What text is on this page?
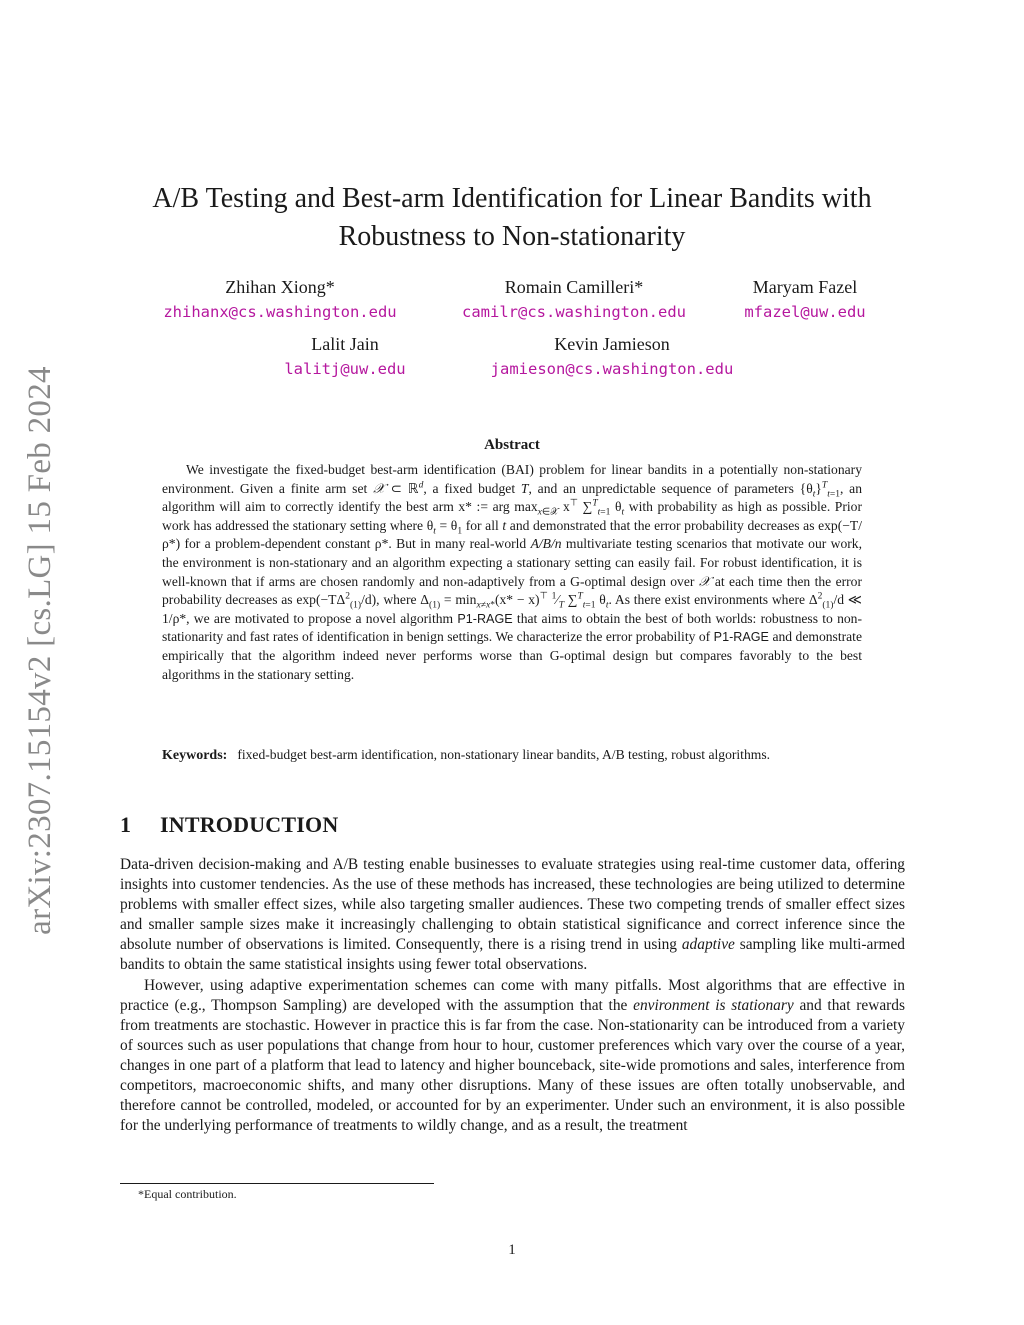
arXiv:2307.15154v2 [cs.LG] 15 Feb 2024
A/B Testing and Best-arm Identification for Linear Bandits with
Robustness to Non-stationarity
Zhihan Xiong*
zhihanx@cs.washington.edu
Romain Camilleri*
camilr@cs.washington.edu
Maryam Fazel
mfazel@uw.edu
Lalit Jain
lalitj@uw.edu
Kevin Jamieson
jamieson@cs.washington.edu
Abstract
We investigate the fixed-budget best-arm identification (BAI) problem for linear bandits in a potentially non-stationary environment. Given a finite arm set 𝒳 ⊂ ℝ$^d$, a fixed budget T, and an unpredictable sequence of parameters $\{\theta_t\}^T_{t=1}$, an algorithm will aim to correctly identify the best arm x* := arg $\max_{x\in 𝒳} x^⊤$ ∑$^T_{t=1}$ $\theta_t$ with probability as high as possible. Prior work has addressed the stationary setting where $\theta_t = \theta_1$ for all t and demonstrated that the error probability decreases as exp(−T/ρ*) for a problem-dependent constant ρ*. But in many real-world A/B/n multivariate testing scenarios that motivate our work, the environment is non-stationary and an algorithm expecting a stationary setting can easily fail. For robust identification, it is well-known that if arms are chosen randomly and non-adaptively from a G-optimal design over 𝒳 at each time then the error probability decreases as $\exp(-T\Delta^2_{(1)}/d)$, where $\Delta_{(1)} = \min_{x\ne x*}(x* - x)^⊤$ $^1⁄_T$ ∑$^T_{t=1}$ $\theta_t$. As there exist environments where $\Delta^2_{(1)}/d$ ≪ 1/ρ*, we are motivated to propose a novel algorithm P1-RAGE that aims to obtain the best of both worlds: robustness to non-stationarity and fast rates of identification in benign settings. We characterize the error probability of P1-RAGE and demonstrate empirically that the algorithm indeed never performs worse than G-optimal design but compares favorably to the best algorithms in the stationary setting.
Keywords: fixed-budget best-arm identification, non-stationary linear bandits, A/B testing, robust algorithms.
1 INTRODUCTION

Data-driven decision-making and A/B testing enable businesses to evaluate strategies using real-time customer data, offering insights into customer tendencies. As the use of these methods has increased, these technologies are being utilized to determine problems with smaller effect sizes, while also targeting smaller audiences. These two competing trends of smaller effect sizes and smaller sample sizes make it increasingly challenging to obtain statistical significance and correct inference since the absolute number of observations is limited. Consequently, there is a rising trend in using adaptive sampling like multi-armed bandits to obtain the same statistical insights using fewer total observations.

However, using adaptive experimentation schemes can come with many pitfalls. Most algorithms that are effective in practice (e.g., Thompson Sampling) are developed with the assumption that the environment is stationary and that rewards from treatments are stochastic. However in practice this is far from the case. Non-stationarity can be introduced from a variety of sources such as user populations that change from hour to hour, customer preferences which vary over the course of a year, changes in one part of a platform that lead to latency and higher bounceback, site-wide promotions and sales, interference from competitors, macroeconomic shifts, and many other disruptions. Many of these issues are often totally unobservable, and therefore cannot be controlled, modeled, or accounted for by an experimenter. Under such an environment, it is also possible for the underlying performance of treatments to wildly change, and as a result, the treatment

*Equal contribution.
1
